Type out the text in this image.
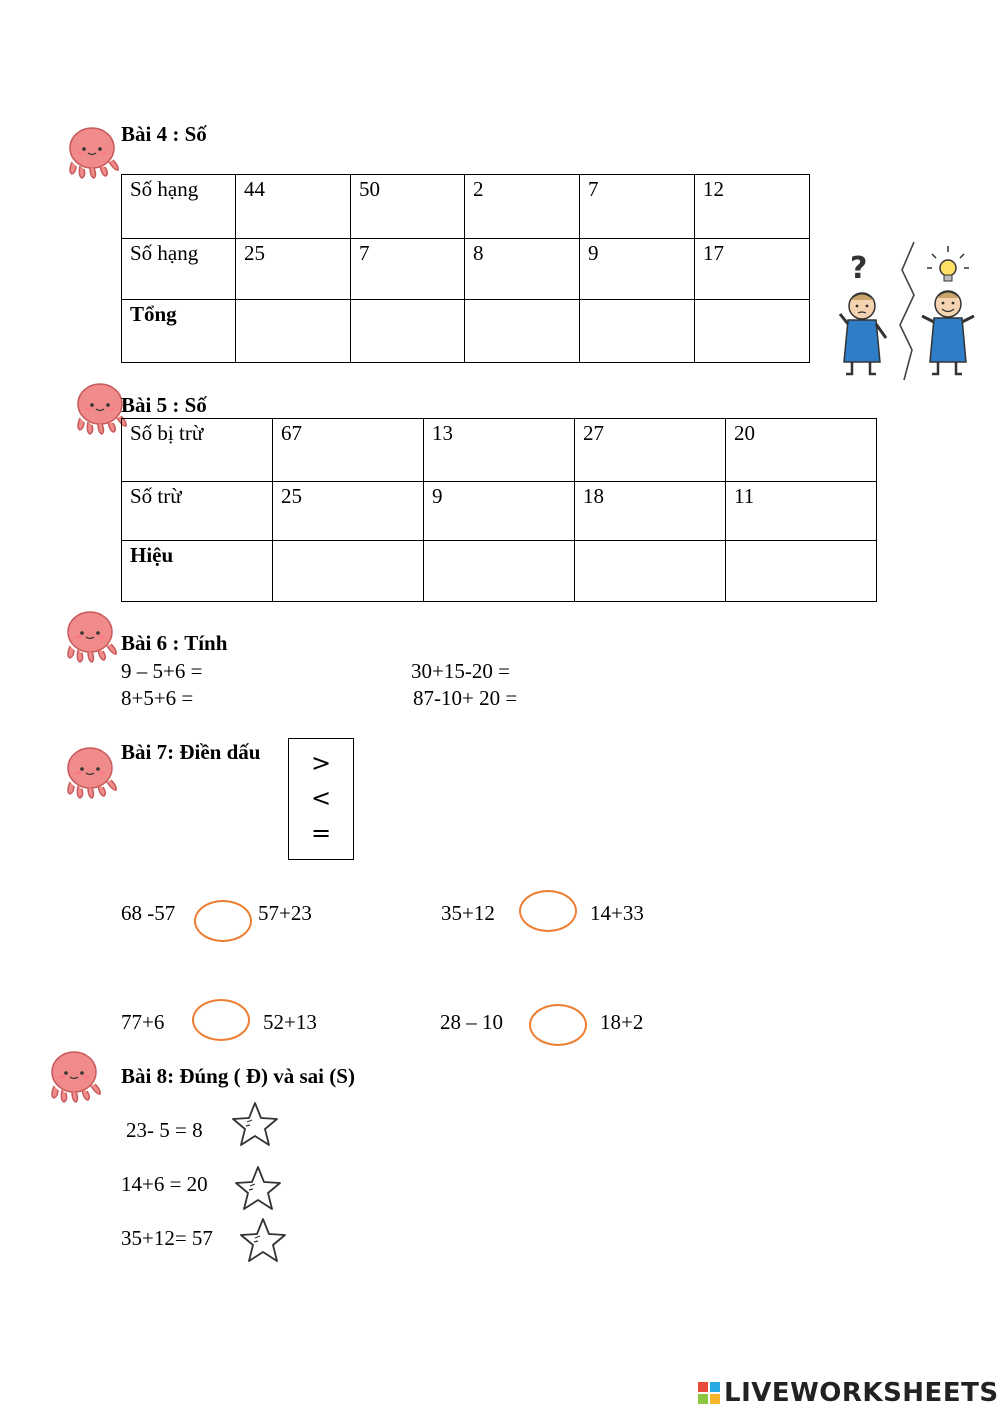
Bài 4 : Số
Số hạng	44	50	2	7	12
Số hạng	25	7	8	9	17
Tổng					
?
Bài 5 : Số
Số bị trừ	67	13	27	20
Số trừ	25	9	18	11
Hiệu				
Bài 6 : Tính
9 – 5+6 =	30+15-20 =
8+5+6 =	87-10+ 20 =
Bài 7: Điền dấu	>
<
=
68 -57	57+23	35+12	14+33
77+6	52+13	28 – 10	18+2
Bài 8: Đúng ( Đ) và sai (S)
23- 5 = 8
14+6 = 20
35+12= 57
LIVEWORKSHEETS
